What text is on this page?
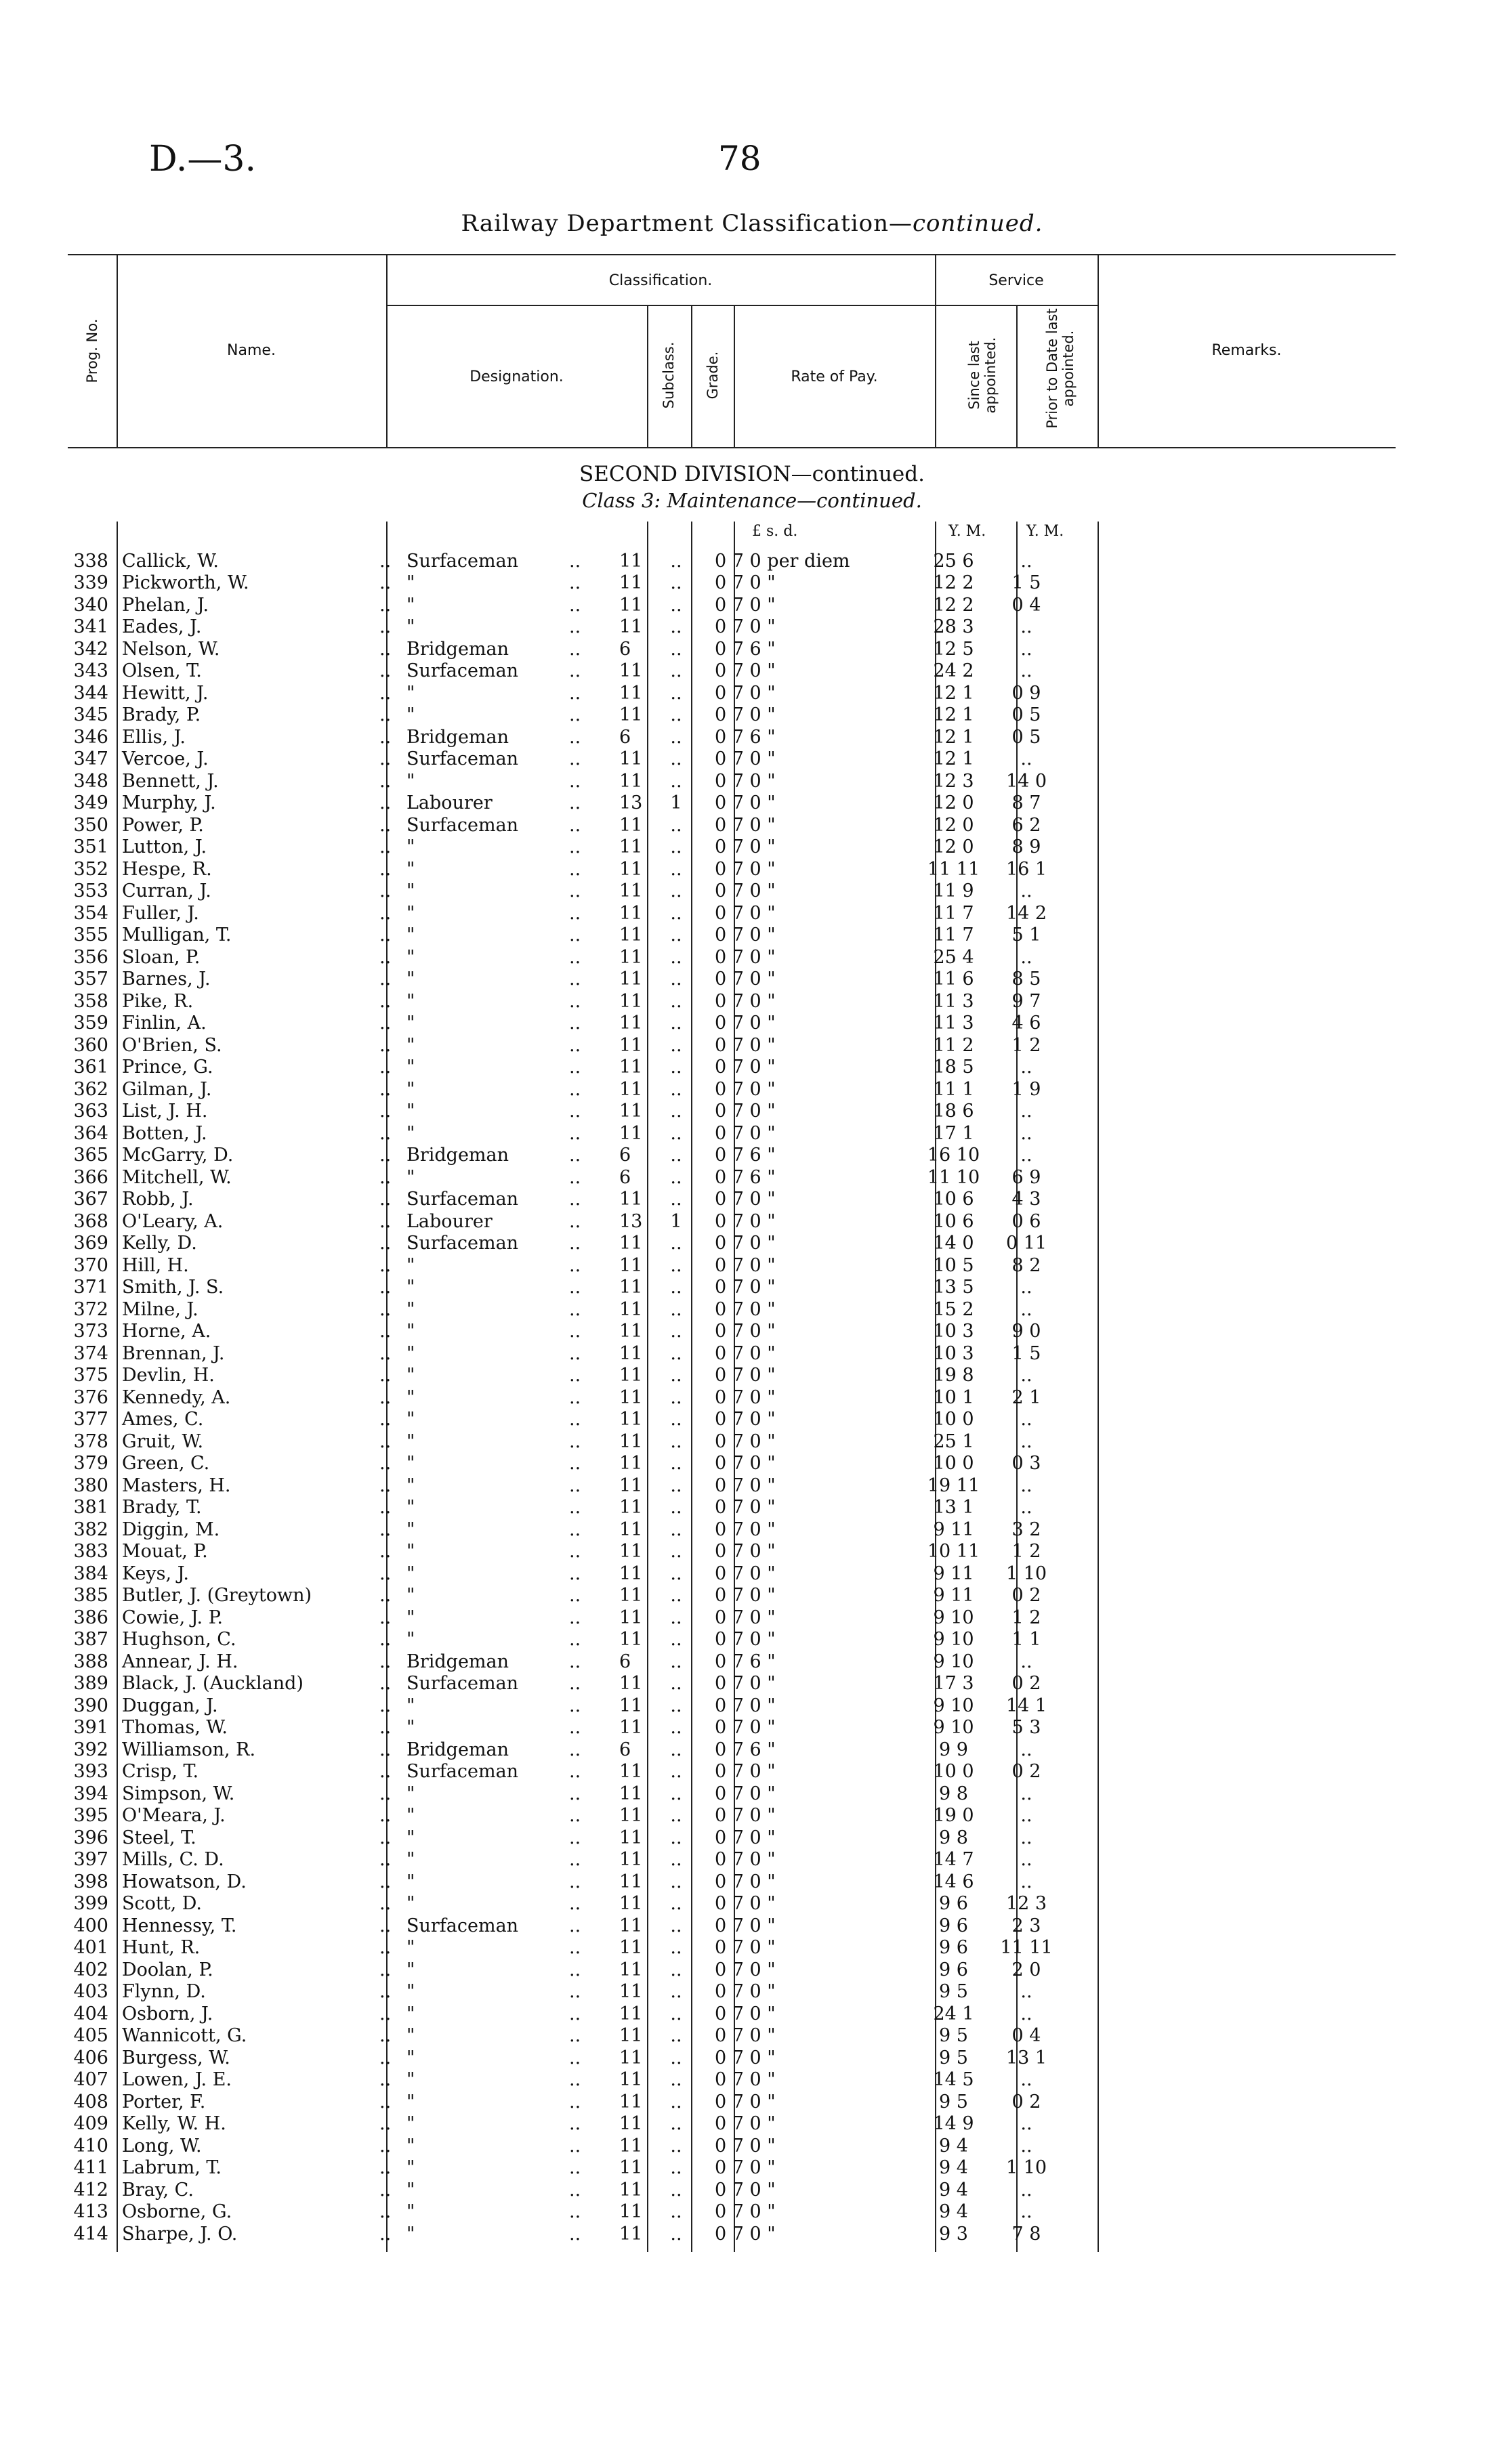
D.—3.	78
Railway Department Classification—continued.
Prog. No.	Name.
Classification.
Designation.	Subclass. Grade.	Rate of Pay.
Service
Since last appointed.	Prior to Date last appointed.	Remarks.
SECOND DIVISION—continued.
Class 3: Maintenance—continued.
£ s. d.	Y. M.	Y. M.
338	Callick, W.	..	Surfaceman	..	11	..	0 7 0 per diem	25 6	..
339	Pickworth, W.	..	"	..	11	..	0 7 0 "	12 2	1 5
340	Phelan, J.	..	"	..	11	..	0 7 0 "	12 2	0 4
341	Eades, J.	..	"	..	11	..	0 7 0 "	28 3	..
342	Nelson, W.	..	Bridgeman	..	6	..	0 7 6 "	12 5	..
343	Olsen, T.	..	Surfaceman	..	11	..	0 7 0 "	24 2	..
344	Hewitt, J.	..	"	..	11	..	0 7 0 "	12 1	0 9
345	Brady, P.	..	"	..	11	..	0 7 0 "	12 1	0 5
346	Ellis, J.	..	Bridgeman	..	6	..	0 7 6 "	12 1	0 5
347	Vercoe, J.	..	Surfaceman	..	11	..	0 7 0 "	12 1	..
348	Bennett, J.	..	"	..	11	..	0 7 0 "	12 3	14 0
349	Murphy, J.	..	Labourer	..	13	1	0 7 0 "	12 0	8 7
350	Power, P.	..	Surfaceman	..	11	..	0 7 0 "	12 0	6 2
351	Lutton, J.	..	"	..	11	..	0 7 0 "	12 0	8 9
352	Hespe, R.	..	"	..	11	..	0 7 0 "	11 11	16 1
353	Curran, J.	..	"	..	11	..	0 7 0 "	11 9	..
354	Fuller, J.	..	"	..	11	..	0 7 0 "	11 7	14 2
355	Mulligan, T.	..	"	..	11	..	0 7 0 "	11 7	5 1
356	Sloan, P.	..	"	..	11	..	0 7 0 "	25 4	..
357	Barnes, J.	..	"	..	11	..	0 7 0 "	11 6	8 5
358	Pike, R.	..	"	..	11	..	0 7 0 "	11 3	9 7
359	Finlin, A.	..	"	..	11	..	0 7 0 "	11 3	4 6
360	O'Brien, S.	..	"	..	11	..	0 7 0 "	11 2	1 2
361	Prince, G.	..	"	..	11	..	0 7 0 "	18 5	..
362	Gilman, J.	..	"	..	11	..	0 7 0 "	11 1	1 9
363	List, J. H.	..	"	..	11	..	0 7 0 "	18 6	..
364	Botten, J.	..	"	..	11	..	0 7 0 "	17 1	..
365	McGarry, D.	..	Bridgeman	..	6	..	0 7 6 "	16 10	..
366	Mitchell, W.	..	"	..	6	..	0 7 6 "	11 10	6 9
367	Robb, J.	..	Surfaceman	..	11	..	0 7 0 "	10 6	4 3
368	O'Leary, A.	..	Labourer	..	13	1	0 7 0 "	10 6	0 6
369	Kelly, D.	..	Surfaceman	..	11	..	0 7 0 "	14 0	0 11
370	Hill, H.	..	"	..	11	..	0 7 0 "	10 5	8 2
371	Smith, J. S.	..	"	..	11	..	0 7 0 "	13 5	..
372	Milne, J.	..	"	..	11	..	0 7 0 "	15 2	..
373	Horne, A.	..	"	..	11	..	0 7 0 "	10 3	9 0
374	Brennan, J.	..	"	..	11	..	0 7 0 "	10 3	1 5
375	Devlin, H.	..	"	..	11	..	0 7 0 "	19 8	..
376	Kennedy, A.	..	"	..	11	..	0 7 0 "	10 1	2 1
377	Ames, C.	..	"	..	11	..	0 7 0 "	10 0	..
378	Gruit, W.	..	"	..	11	..	0 7 0 "	25 1	..
379	Green, C.	..	"	..	11	..	0 7 0 "	10 0	0 3
380	Masters, H.	..	"	..	11	..	0 7 0 "	19 11	..
381	Brady, T.	..	"	..	11	..	0 7 0 "	13 1	..
382	Diggin, M.	..	"	..	11	..	0 7 0 "	9 11	3 2
383	Mouat, P.	..	"	..	11	..	0 7 0 "	10 11	1 2
384	Keys, J.	..	"	..	11	..	0 7 0 "	9 11	1 10
385	Butler, J. (Greytown)	..	"	..	11	..	0 7 0 "	9 11	0 2
386	Cowie, J. P.	..	"	..	11	..	0 7 0 "	9 10	1 2
387	Hughson, C.	..	"	..	11	..	0 7 0 "	9 10	1 1
388	Annear, J. H.	..	Bridgeman	..	6	..	0 7 6 "	9 10	..
389	Black, J. (Auckland)	..	Surfaceman	..	11	..	0 7 0 "	17 3	0 2
390	Duggan, J.	..	"	..	11	..	0 7 0 "	9 10	14 1
391	Thomas, W.	..	"	..	11	..	0 7 0 "	9 10	5 3
392	Williamson, R.	..	Bridgeman	..	6	..	0 7 6 "	9 9	..
393	Crisp, T.	..	Surfaceman	..	11	..	0 7 0 "	10 0	0 2
394	Simpson, W.	..	"	..	11	..	0 7 0 "	9 8	..
395	O'Meara, J.	..	"	..	11	..	0 7 0 "	19 0	..
396	Steel, T.	..	"	..	11	..	0 7 0 "	9 8	..
397	Mills, C. D.	..	"	..	11	..	0 7 0 "	14 7	..
398	Howatson, D.	..	"	..	11	..	0 7 0 "	14 6	..
399	Scott, D.	..	"	..	11	..	0 7 0 "	9 6	12 3
400	Hennessy, T.	..	Surfaceman	..	11	..	0 7 0 "	9 6	2 3
401	Hunt, R.	..	"	..	11	..	0 7 0 "	9 6	11 11
402	Doolan, P.	..	"	..	11	..	0 7 0 "	9 6	2 0
403	Flynn, D.	..	"	..	11	..	0 7 0 "	9 5	..
404	Osborn, J.	..	"	..	11	..	0 7 0 "	24 1	..
405	Wannicott, G.	..	"	..	11	..	0 7 0 "	9 5	0 4
406	Burgess, W.	..	"	..	11	..	0 7 0 "	9 5	13 1
407	Lowen, J. E.	..	"	..	11	..	0 7 0 "	14 5	..
408	Porter, F.	..	"	..	11	..	0 7 0 "	9 5	0 2
409	Kelly, W. H.	..	"	..	11	..	0 7 0 "	14 9	..
410	Long, W.	..	"	..	11	..	0 7 0 "	9 4	..
411	Labrum, T.	..	"	..	11	..	0 7 0 "	9 4	1 10
412	Bray, C.	..	"	..	11	..	0 7 0 "	9 4	..
413	Osborne, G.	..	"	..	11	..	0 7 0 "	9 4	..
414	Sharpe, J. O.	..	"	..	11	..	0 7 0 "	9 3	7 8
